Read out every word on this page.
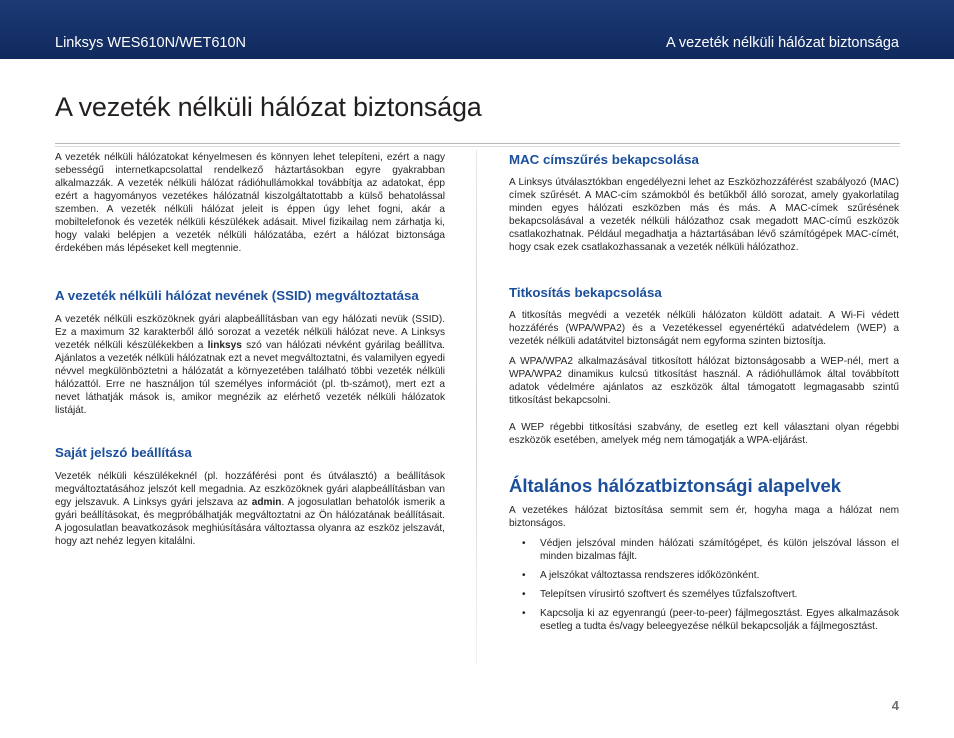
Linksys WES610N/WET610N	A vezeték nélküli hálózat biztonsága
A vezeték nélküli hálózat biztonsága

A vezeték nélküli hálózatokat kényelmesen és könnyen lehet telepíteni, ezért a nagy sebességű internetkapcsolattal rendelkező háztartásokban egyre gyakrabban alkalmazzák. A vezeték nélküli hálózat rádióhullámokkal továbbítja az adatokat, épp ezért a hagyományos vezetékes hálózatnál kiszolgáltatottabb a külső behatolással szemben. A vezeték nélküli hálózat jeleit is éppen úgy lehet fogni, akár a mobiltelefonok és vezeték nélküli készülékek adásait. Mivel fizikailag nem zárhatja ki, hogy valaki belépjen a vezeték nélküli hálózatába, ezért a hálózat biztonsága érdekében más lépéseket kell megtennie.

A vezeték nélküli hálózat nevének (SSID) megváltoztatása

A vezeték nélküli eszközöknek gyári alapbeállításban van egy hálózati nevük (SSID). Ez a maximum 32 karakterből álló sorozat a vezeték nélküli hálózat neve. A Linksys vezeték nélküli készülékekben a linksys szó van hálózati névként gyárilag beállítva. Ajánlatos a vezeték nélküli hálózatnak ezt a nevet megváltoztatni, és valamilyen egyedi névvel megkülönböztetni a hálózatát a környezetében található többi vezeték nélküli hálózattól. Erre ne használjon túl személyes információt (pl. tb-számot), mert ezt a nevet láthatják mások is, amikor megnézik az elérhető vezeték nélküli hálózatok listáját.

Saját jelszó beállítása

Vezeték nélküli készülékeknél (pl. hozzáférési pont és útválasztó) a beállítások megváltoztatásához jelszót kell megadnia. Az eszközöknek gyári alapbeállításban van egy jelszavuk. A Linksys gyári jelszava az admin. A jogosulatlan behatolók ismerik a gyári beállításokat, és megpróbálhatják megváltoztatni az Ön hálózatának beállításait. A jogosulatlan beavatkozások meghiúsítására változtassa olyanra az eszköz jelszavát, hogy azt nehéz legyen kitalálni.

MAC címszűrés bekapcsolása

A Linksys útválasztókban engedélyezni lehet az Eszközhozzáférést szabályozó (MAC) címek szűrését. A MAC-cím számokból és betűkből álló sorozat, amely gyakorlatilag minden egyes hálózati eszközben más és más. A MAC-címek szűrésének bekapcsolásával a vezeték nélküli hálózathoz csak megadott MAC-című eszközök csatlakozhatnak. Például megadhatja a háztartásában lévő számítógépek MAC-címét, hogy csak ezek csatlakozhassanak a vezeték nélküli hálózathoz.

Titkosítás bekapcsolása

A titkosítás megvédi a vezeték nélküli hálózaton küldött adatait. A Wi-Fi védett hozzáférés (WPA/WPA2) és a Vezetékessel egyenértékű adatvédelem (WEP) a vezeték nélküli adatátvitel biztonságát nem egyforma szinten biztosítja.

A WPA/WPA2 alkalmazásával titkosított hálózat biztonságosabb a WEP-nél, mert a WPA/WPA2 dinamikus kulcsú titkosítást használ. A rádióhullámok által továbbított adatok védelmére ajánlatos az eszközök által támogatott legmagasabb szintű titkosítást bekapcsolni.

A WEP régebbi titkosítási szabvány, de esetleg ezt kell választani olyan régebbi eszközök esetében, amelyek még nem támogatják a WPA-eljárást.

Általános hálózatbiztonsági alapelvek

A vezetékes hálózat biztosítása semmit sem ér, hogyha maga a hálózat nem biztonságos.

• Védjen jelszóval minden hálózati számítógépet, és külön jelszóval lásson el minden bizalmas fájlt.
• A jelszókat változtassa rendszeres időközönként.
• Telepítsen vírusirtó szoftvert és személyes tűzfalszoftvert.
• Kapcsolja ki az egyenrangú (peer-to-peer) fájlmegosztást. Egyes alkalmazások esetleg a tudta és/vagy beleegyezése nélkül bekapcsolják a fájlmegosztást.
4
